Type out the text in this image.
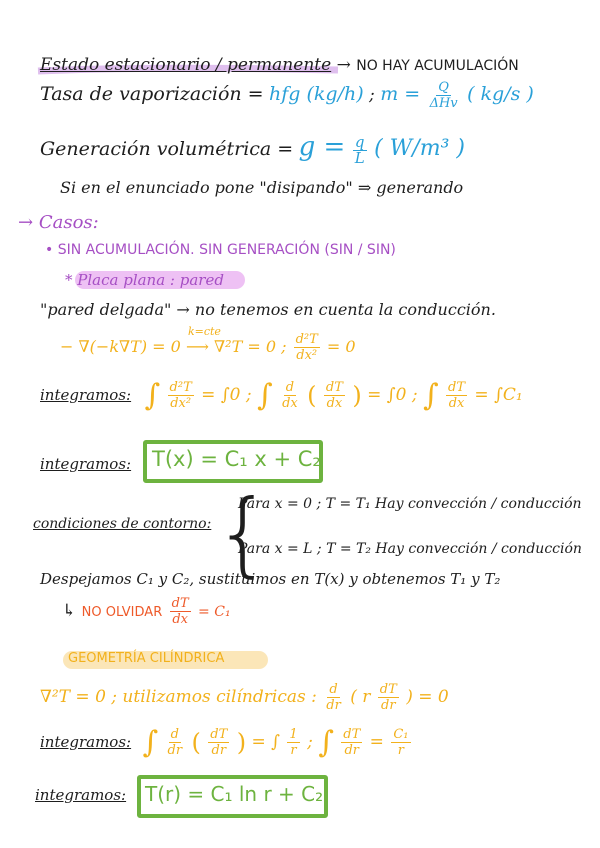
Estado estacionario / permanente → NO HAY ACUMULACIÓN
Tasa de vaporización = hfg (kg/h) ; $m = \frac{Q}{\text{ΔHv}}$ ( kg/s )
Generación volumétrica = $g = \frac{q}{L}$ ( W/m³ )
Si en el enunciado pone "disipando" ⇒ generando
→ Casos:
• SIN ACUMULACIÓN. SIN GENERACIÓN (SIN / SIN)
* Placa plana : pared
"pared delgada" → no tenemos en cuenta la conducción.
− ∇(−k∇T) = 0
k=cte
⟶ ∇²T = 0 ; $\frac{\text{d²T}}{\text{dx²}} = 0$
integramos: ∫ $\frac{\text{d²T}}{\text{dx²}} = \int 0$ ; ∫ $\frac{d}{dx}$ ( $\frac{dT}{dx}$ ) = ∫0 ; ∫ $\frac{dT}{dx} = \int C_1$
integramos: T(x) = C₁ x + C₂
condiciones de contorno: {
Para x = 0 ; T = T₁ Hay convección / conducción
Para x = L ; T = T₂ Hay convección / conducción
Despejamos C₁ y C₂, sustituimos en T(x) y obtenemos T₁ y T₂
↳ NO OLVIDAR $\frac{dT}{dx} = C_1$
GEOMETRÍA CILÍNDRICA
∇²T = 0 ; utilizamos cilíndricas : $\frac{d}{dr}$ ( r $\frac{dT}{dr}$ ) = 0
integramos: ∫ $\frac{d}{dr}$ ( $\frac{dT}{dr}$ ) = ∫ $\frac{1}{r}$ ; ∫ $\frac{dT}{dr} = \frac{\text{C₁}}{r}$
integramos: T(r) = C₁ ln r + C₂
